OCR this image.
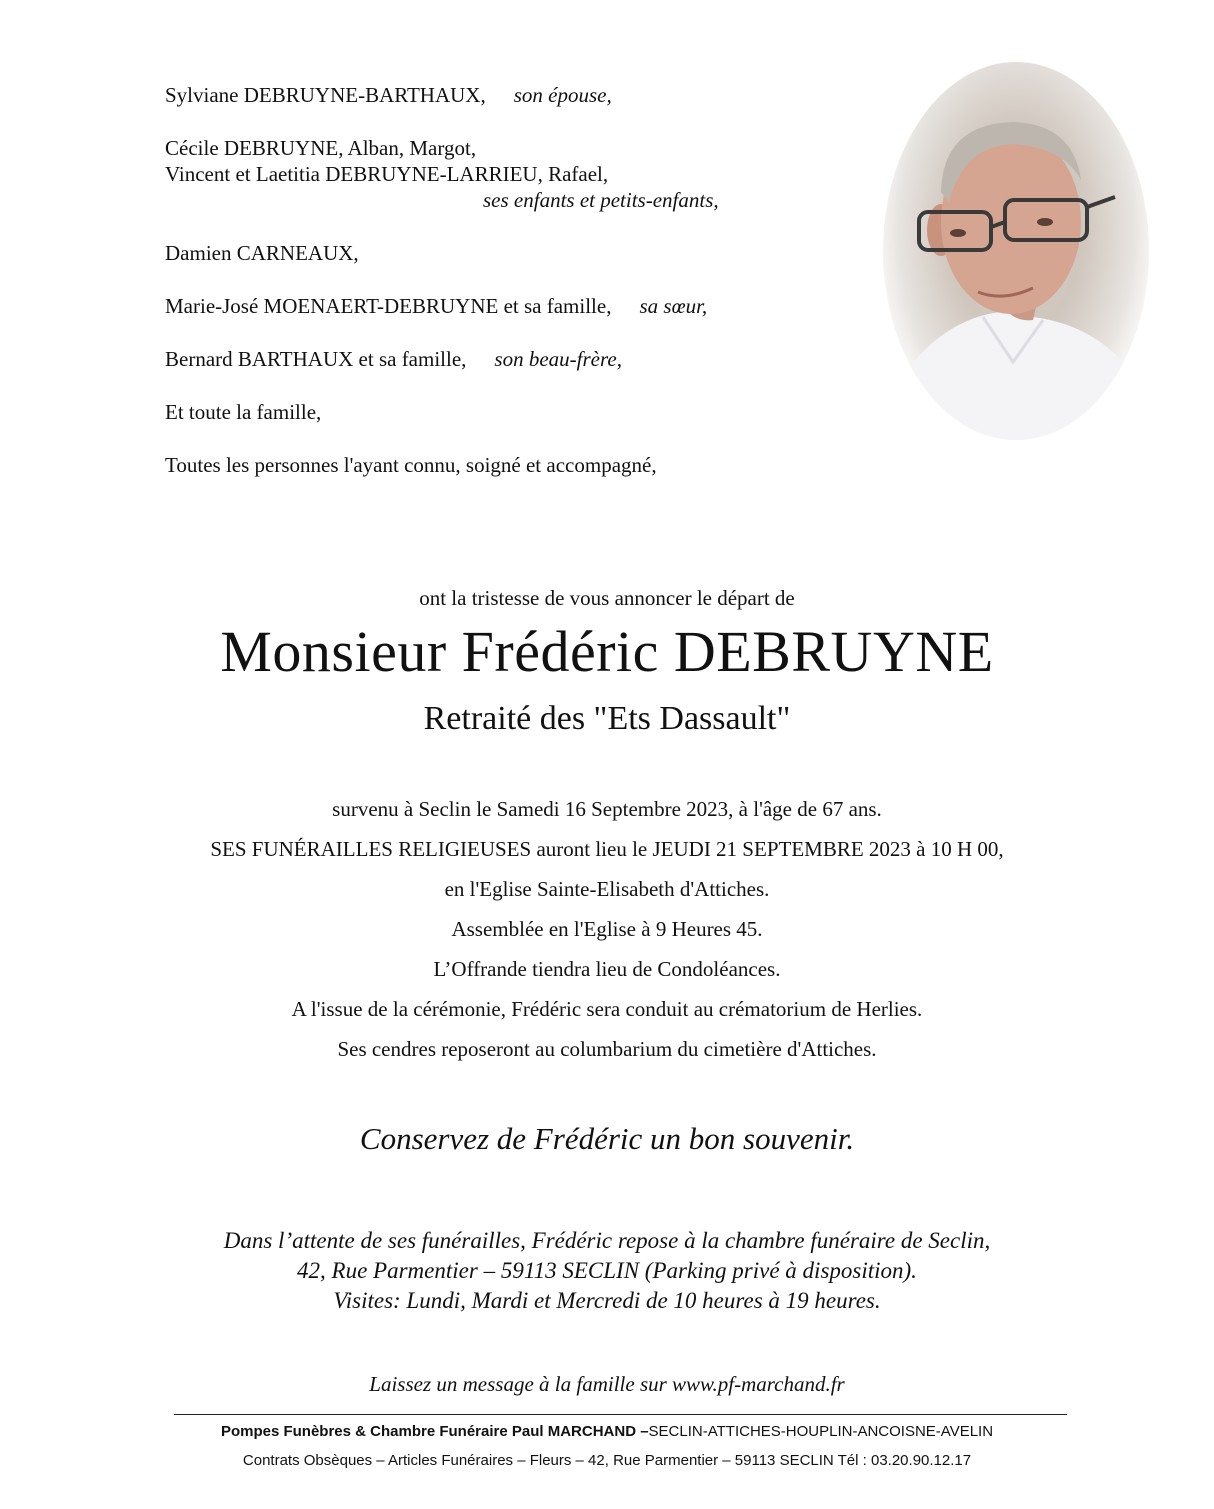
Sylviane DEBRUYNE-BARTHAUX, son épouse,
Cécile DEBRUYNE, Alban, Margot,
Vincent et Laetitia DEBRUYNE-LARRIEU, Rafael,
ses enfants et petits-enfants,
Damien CARNEAUX,
Marie-José MOENAERT-DEBRUYNE et sa famille, sa sœur,
Bernard BARTHAUX et sa famille, son beau-frère,
Et toute la famille,
Toutes les personnes l'ayant connu, soigné et accompagné,
ont la tristesse de vous annoncer le départ de
Monsieur Frédéric DEBRUYNE
Retraité des "Ets Dassault"
survenu à Seclin le Samedi 16 Septembre 2023, à l'âge de 67 ans.
SES FUNÉRAILLES RELIGIEUSES auront lieu le JEUDI 21 SEPTEMBRE 2023 à 10 H 00,
en l'Eglise Sainte-Elisabeth d'Attiches.
Assemblée en l'Eglise à 9 Heures 45.
L’Offrande tiendra lieu de Condoléances.
A l'issue de la cérémonie, Frédéric sera conduit au crématorium de Herlies.
Ses cendres reposeront au columbarium du cimetière d'Attiches.
Conservez de Frédéric un bon souvenir.
Dans l’attente de ses funérailles, Frédéric repose à la chambre funéraire de Seclin,
42, Rue Parmentier – 59113 SECLIN (Parking privé à disposition).
Visites: Lundi, Mardi et Mercredi de 10 heures à 19 heures.
Laissez un message à la famille sur www.pf-marchand.fr
Pompes Funèbres & Chambre Funéraire Paul MARCHAND –SECLIN-ATTICHES-HOUPLIN-ANCOISNE-AVELIN
Contrats Obsèques – Articles Funéraires – Fleurs – 42, Rue Parmentier – 59113 SECLIN Tél : 03.20.90.12.17
